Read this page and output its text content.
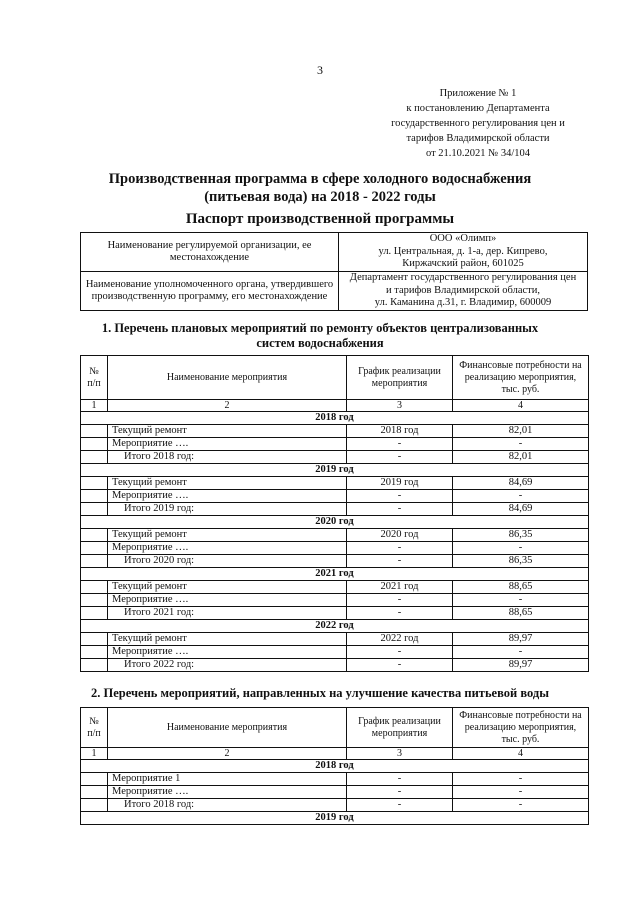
3
Приложение № 1
к постановлению Департамента
государственного регулирования цен и
тарифов Владимирской области
от 21.10.2021 № 34/104
Производственная программа в сфере холодного водоснабжения
(питьевая вода) на 2018 - 2022 годы
Паспорт производственной программы
Наименование регулируемой организации, ее местонахождение	ООО «Олимп»
ул. Центральная, д. 1-а, дер. Кипрево,
Киржачский район, 601025

Наименование уполномоченного органа, утвердившего производственную программу, его местонахождение	Департамент государственного регулирования цен
и тарифов Владимирской области,
ул. Каманина д.31, г. Владимир, 600009
1. Перечень плановых мероприятий по ремонту объектов централизованных
систем водоснабжения
№ п/п	Наименование мероприятия	График реализации мероприятия	Финансовые потребности на реализацию мероприятия, тыс. руб.
1	2	3	4
2018 год			
	Текущий ремонт	2018 год	82,01
	Мероприятие ….	-	-
	Итого 2018 год:	-	82,01
2019 год			
	Текущий ремонт	2019 год	84,69
	Мероприятие ….	-	-
	Итого 2019 год:	-	84,69
2020 год			
	Текущий ремонт	2020 год	86,35
	Мероприятие ….	-	-
	Итого 2020 год:	-	86,35
2021 год			
	Текущий ремонт	2021 год	88,65
	Мероприятие ….	-	-
	Итого 2021 год:	-	88,65
2022 год			
	Текущий ремонт	2022 год	89,97
	Мероприятие ….	-	-
	Итого 2022 год:	-	89,97
2. Перечень мероприятий, направленных на улучшение качества питьевой воды
№ п/п	Наименование мероприятия	График реализации мероприятия	Финансовые потребности на реализацию мероприятия, тыс. руб.
1	2	3	4
2018 год			
	Мероприятие 1	-	-
	Мероприятие ….	-	-
	Итого 2018 год:	-	-
2019 год			
